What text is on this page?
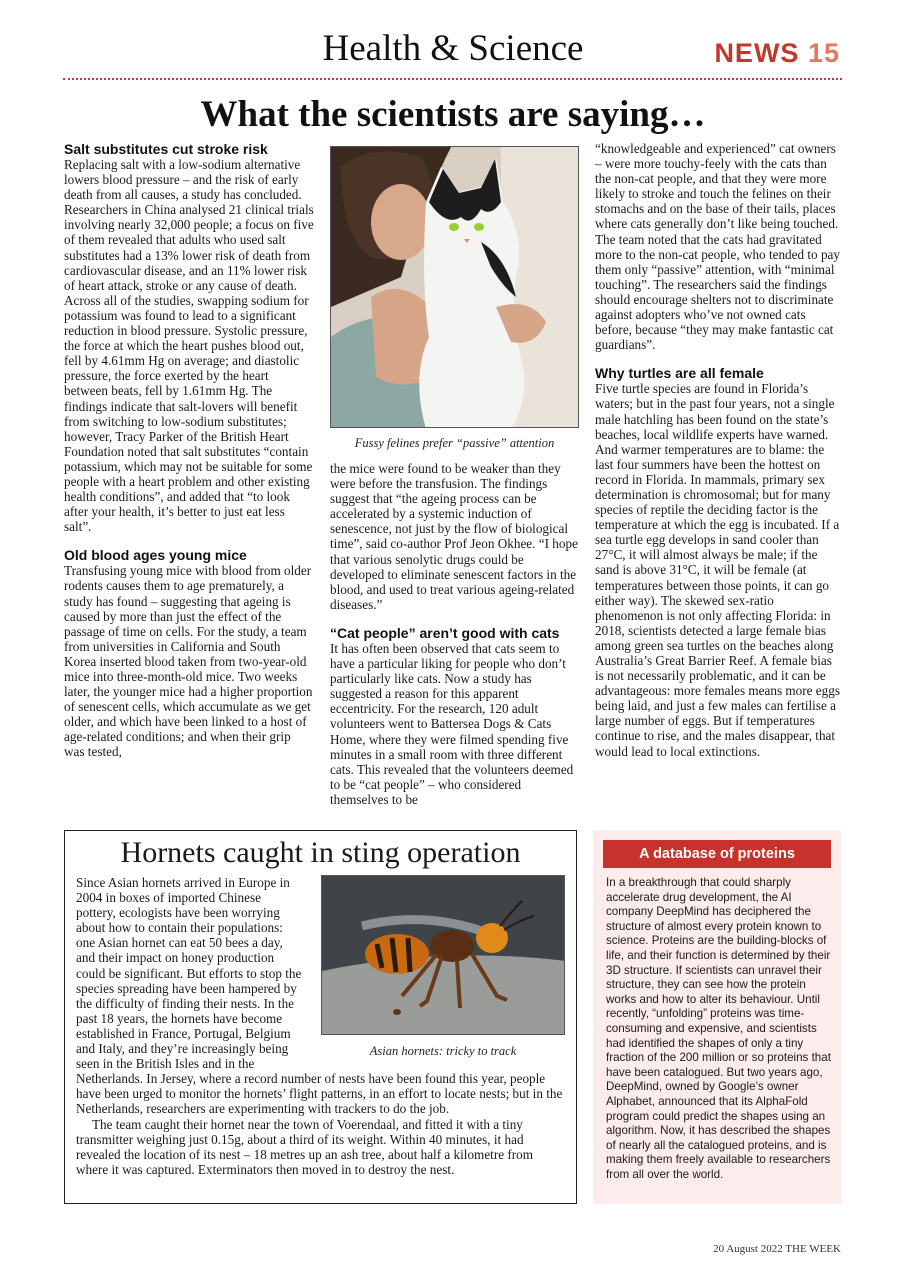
Health & Science	NEWS 15
What the scientists are saying…
Salt substitutes cut stroke risk

Replacing salt with a low-sodium alternative lowers blood pressure – and the risk of early death from all causes, a study has concluded. Researchers in China analysed 21 clinical trials involving nearly 32,000 people; a focus on five of them revealed that adults who used salt substitutes had a 13% lower risk of death from cardiovascular disease, and an 11% lower risk of heart attack, stroke or any cause of death. Across all of the studies, swapping sodium for potassium was found to lead to a significant reduction in blood pressure. Systolic pressure, the force at which the heart pushes blood out, fell by 4.61mm Hg on average; and diastolic pressure, the force exerted by the heart between beats, fell by 1.61mm Hg. The findings indicate that salt-lovers will benefit from switching to low-sodium substitutes; however, Tracy Parker of the British Heart Foundation noted that salt substitutes “contain potassium, which may not be suitable for some people with a heart problem and other existing health conditions”, and added that “to look after your health, it’s better to just eat less salt”.

Old blood ages young mice

Transfusing young mice with blood from older rodents causes them to age prematurely, a study has found – suggesting that ageing is caused by more than just the effect of the passage of time on cells. For the study, a team from universities in California and South Korea inserted blood taken from two-year-old mice into three-month-old mice. Two weeks later, the younger mice had a higher proportion of senescent cells, which accumulate as we get older, and which have been linked to a host of age-related conditions; and when their grip was tested,

Fussy felines prefer “passive” attention

the mice were found to be weaker than they were before the transfusion. The findings suggest that “the ageing process can be accelerated by a systemic induction of senescence, not just by the flow of biological time”, said co-author Prof Jeon Okhee. “I hope that various senolytic drugs could be developed to eliminate senescent factors in the blood, and used to treat various ageing-related diseases.”

“Cat people” aren’t good with cats

It has often been observed that cats seem to have a particular liking for people who don’t particularly like cats. Now a study has suggested a reason for this apparent eccentricity. For the research, 120 adult volunteers went to Battersea Dogs & Cats Home, where they were filmed spending five minutes in a small room with three different cats. This revealed that the volunteers deemed to be “cat people” – who considered themselves to be

“knowledgeable and experienced” cat owners – were more touchy-feely with the cats than the non-cat people, and that they were more likely to stroke and touch the felines on their stomachs and on the base of their tails, places where cats generally don’t like being touched. The team noted that the cats had gravitated more to the non-cat people, who tended to pay them only “passive” attention, with “minimal touching”. The researchers said the findings should encourage shelters not to discriminate against adopters who’ve not owned cats before, because “they may make fantastic cat guardians”.

Why turtles are all female

Five turtle species are found in Florida’s waters; but in the past four years, not a single male hatchling has been found on the state’s beaches, local wildlife experts have warned. And warmer temperatures are to blame: the last four summers have been the hottest on record in Florida. In mammals, primary sex determination is chromosomal; but for many species of reptile the deciding factor is the temperature at which the egg is incubated. If a sea turtle egg develops in sand cooler than 27°C, it will almost always be male; if the sand is above 31°C, it will be female (at temperatures between those points, it can go either way). The skewed sex-ratio phenomenon is not only affecting Florida: in 2018, scientists detected a large female bias among green sea turtles on the beaches along Australia’s Great Barrier Reef. A female bias is not necessarily problematic, and it can be advantageous: more females means more eggs being laid, and just a few males can fertilise a large number of eggs. But if temperatures continue to rise, and the males disappear, that would lead to local extinctions.

Hornets caught in sting operation

Since Asian hornets arrived in Europe in 2004 in boxes of imported Chinese pottery, ecologists have been worrying about how to contain their populations: one Asian hornet can eat 50 bees a day, and their impact on honey production could be significant. But efforts to stop the species spreading have been hampered by the difficulty of finding their nests. In the past 18 years, the hornets have become established in France, Portugal, Belgium and Italy, and they’re increasingly being seen in the British Isles and in the Netherlands. In Jersey, where a record number of nests have been found this year, people have been urged to monitor the hornets’ flight patterns, in an effort to locate nests; but in the Netherlands, researchers are experimenting with trackers to do the job.

The team caught their hornet near the town of Voerendaal, and fitted it with a tiny transmitter weighing just 0.15g, about a third of its weight. Within 40 minutes, it had revealed the location of its nest – 18 metres up an ash tree, about half a kilometre from where it was captured. Exterminators then moved in to destroy the nest.

Asian hornets: tricky to track
A database of proteins
In a breakthrough that could sharply accelerate drug development, the AI company DeepMind has deciphered the structure of almost every protein known to science. Proteins are the building-blocks of life, and their function is determined by their 3D structure. If scientists can unravel their structure, they can see how the protein works and how to alter its behaviour. Until recently, “unfolding” proteins was time-consuming and expensive, and scientists had identified the shapes of only a tiny fraction of the 200 million or so proteins that have been catalogued. But two years ago, DeepMind, owned by Google’s owner Alphabet, announced that its AlphaFold program could predict the shapes using an algorithm. Now, it has described the shapes of nearly all the catalogued proteins, and is making them freely available to researchers from all over the world.
20 August 2022 THE WEEK
